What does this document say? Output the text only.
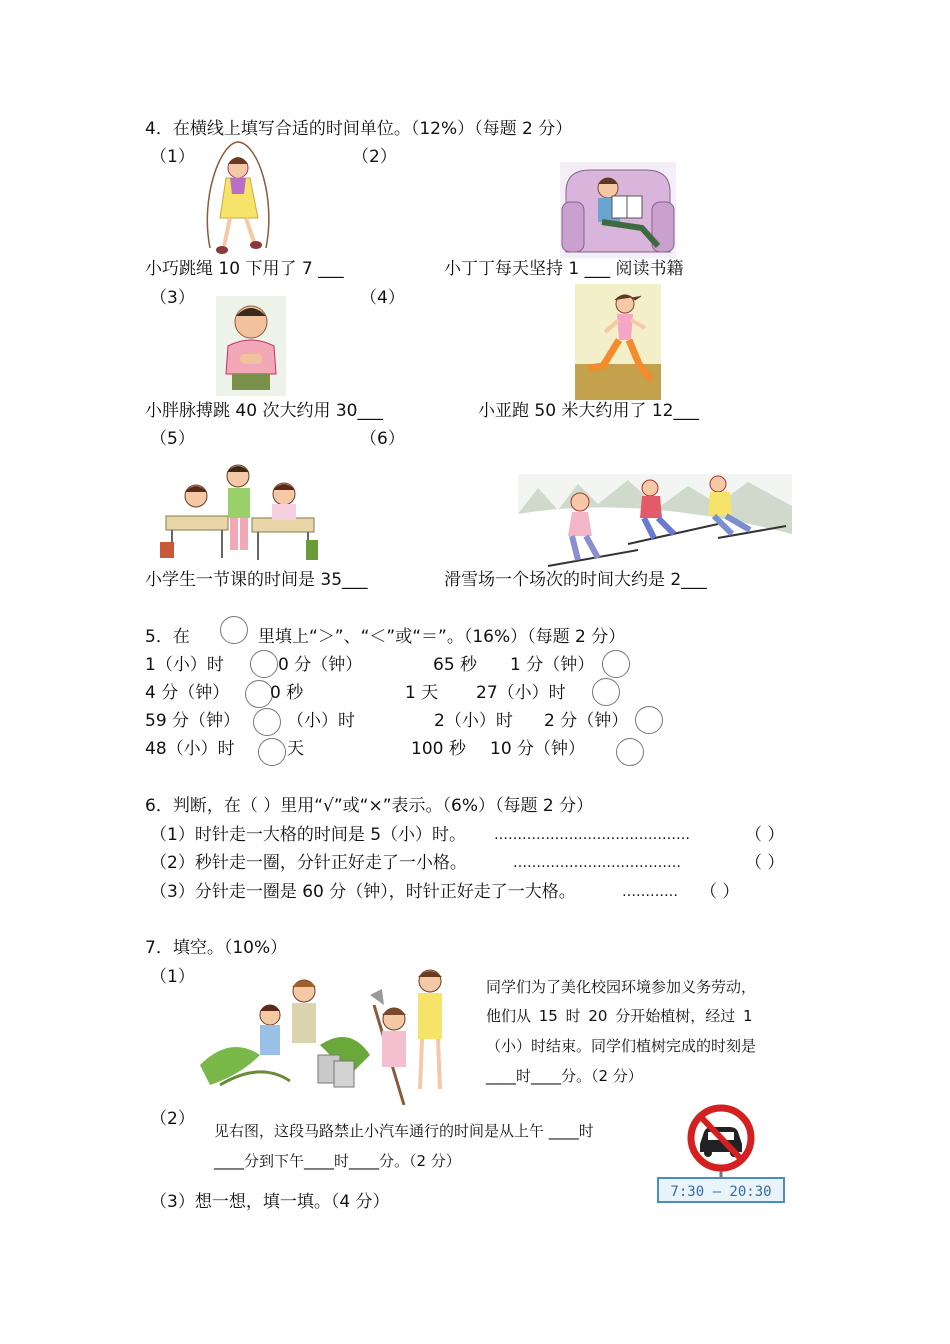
4．在横线上填写合适的时间单位。（12%）（每题 2 分）
（1）	（2）
小巧跳绳 10 下用了 7 ___	小丁丁每天坚持 1 ___ 阅读书籍
（3）	（4）
小胖脉搏跳 40 次大约用 30___	小亚跑 50 米大约用了 12___
（5）	（6）
小学生一节课的时间是 35___	滑雪场一个场次的时间大约是 2___
5．在	里填上“＞”、“＜”或“＝”。（16%）（每题 2 分）
1（小）时	0 分（钟）	65 秒 1 分（钟）
4 分（钟） 0 秒	1 天 27（小）时
59 分（钟）	（小）时	2（小）时 2 分（钟）
48（小）时	天	100 秒 10 分（钟）
6．判断，在（ ）里用“√”或“×”表示。（6%）（每题 2 分）
（1）时针走一大格的时间是 5（小）时。 ……………………………………	（ ）
（2）秒针走一圈，分针正好走了一小格。	………………………………	（ ）
（3）分针走一圈是 60 分（钟），时针正好走了一大格。	………… （ ）
7．填空。（10%）
（1）	同学们为了美化校园环境参加义务劳动，
他们从 15 时 20 分开始植树，经过 1
（小）时结束。同学们植树完成的时刻是
____时____分。（2 分）
（2）
见右图，这段马路禁止小汽车通行的时间是从上午 ____时
____分到下午____时____分。（2 分）
7:30 — 20:30
（3）想一想，填一填。（4 分）
